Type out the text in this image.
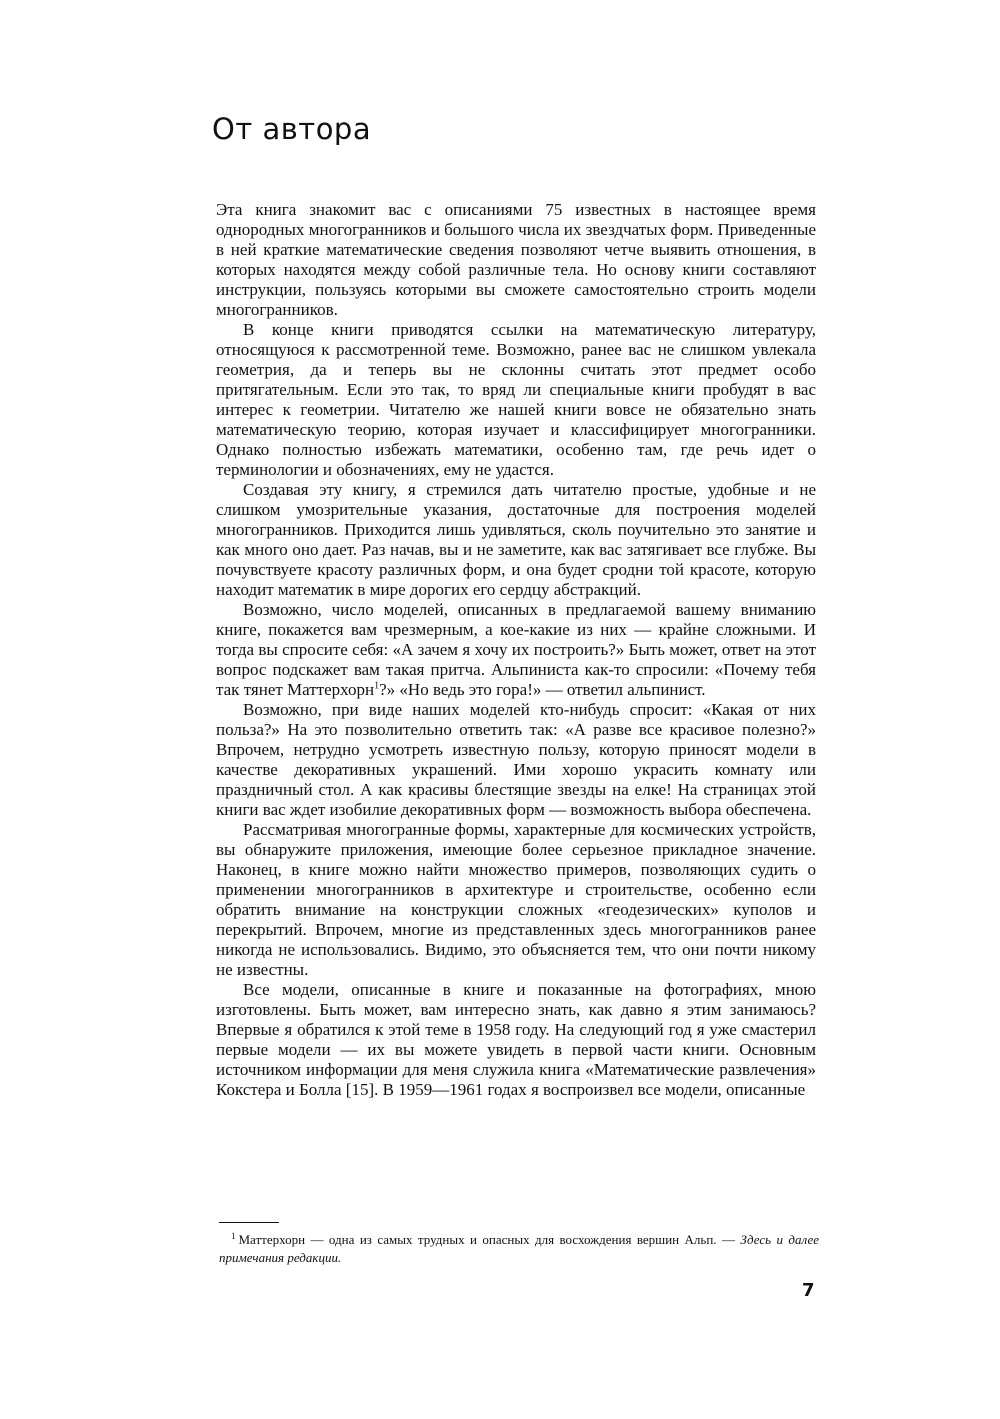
От автора

Эта книга знакомит вас с описаниями 75 известных в настоящее время однородных многогранников и большого числа их звездчатых форм. Приведенные в ней краткие математические сведения позволяют четче выявить отношения, в которых находятся между собой различные тела. Но основу книги составляют инструкции, пользуясь которыми вы сможете самостоятельно строить модели многогранников.

В конце книги приводятся ссылки на математическую литературу, относящуюся к рассмотренной теме. Возможно, ранее вас не слишком увлекала геометрия, да и теперь вы не склонны считать этот предмет особо притягательным. Если это так, то вряд ли специальные книги пробудят в вас интерес к геометрии. Читателю же нашей книги вовсе не обязательно знать математическую теорию, которая изучает и классифицирует многогранники. Однако полностью избежать математики, особенно там, где речь идет о терминологии и обозначениях, ему не удастся.

Создавая эту книгу, я стремился дать читателю простые, удобные и не слишком умозрительные указания, достаточные для построения моделей многогранников. Приходится лишь удивляться, сколь поучительно это занятие и как много оно дает. Раз начав, вы и не заметите, как вас затягивает все глубже. Вы почувствуете красоту различных форм, и она будет сродни той красоте, которую находит математик в мире дорогих его сердцу абстракций.

Возможно, число моделей, описанных в предлагаемой вашему вниманию книге, покажется вам чрезмерным, а кое-какие из них — крайне сложными. И тогда вы спросите себя: «А зачем я хочу их построить?» Быть может, ответ на этот вопрос подскажет вам такая притча. Альпиниста как-то спросили: «Почему тебя так тянет Маттерхорн$^1$?» «Но ведь это гора!» — ответил альпинист.

Возможно, при виде наших моделей кто-нибудь спросит: «Какая от них польза?» На это позволительно ответить так: «А разве все красивое полезно?» Впрочем, нетрудно усмотреть известную пользу, которую приносят модели в качестве декоративных украшений. Ими хорошо украсить комнату или праздничный стол. А как красивы блестящие звезды на елке! На страницах этой книги вас ждет изобилие декоративных форм — возможность выбора обеспечена.

Рассматривая многогранные формы, характерные для космических устройств, вы обнаружите приложения, имеющие более серьезное прикладное значение. Наконец, в книге можно найти множество примеров, позволяющих судить о применении многогранников в архитектуре и строительстве, особенно если обратить внимание на конструкции сложных «геодезических» куполов и перекрытий. Впрочем, многие из представленных здесь многогранников ранее никогда не использовались. Видимо, это объясняется тем, что они почти никому не известны.

Все модели, описанные в книге и показанные на фотографиях, мною изготовлены. Быть может, вам интересно знать, как давно я этим занимаюсь? Впервые я обратился к этой теме в 1958 году. На следующий год я уже смастерил первые модели — их вы можете увидеть в первой части книги. Основным источником информации для меня служила книга «Математические развлечения» Кокстера и Болла [15]. В 1959—1961 годах я воспроизвел все модели, описанные

$^1$ Маттерхорн — одна из самых трудных и опасных для восхождения вершин Альп. — Здесь и далее примечания редакции.
7
